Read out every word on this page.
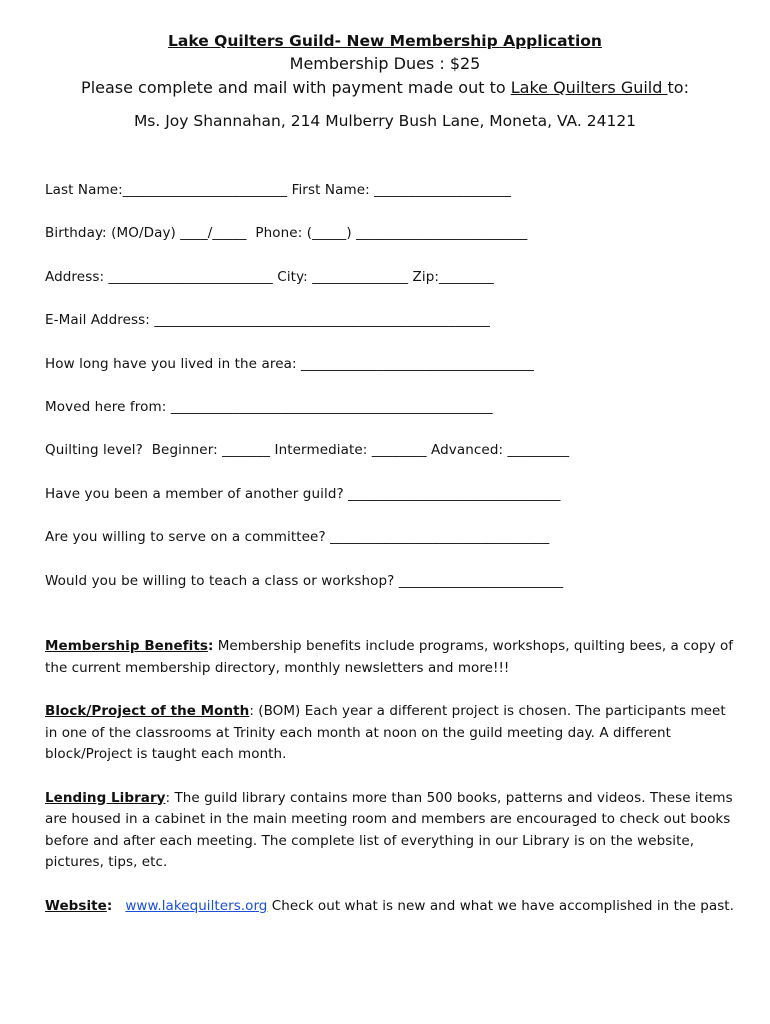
Lake Quilters Guild- New Membership Application
Membership Dues : $25
Please complete and mail with payment made out to Lake Quilters Guild to:
Ms. Joy Shannahan, 214 Mulberry Bush Lane, Moneta, VA. 24121
Last Name:________________________ First Name: ____________________
Birthday: (MO/Day) ____/_____  Phone: (_____) _________________________
Address: ________________________ City: ______________ Zip:________
E-Mail Address: _________________________________________________
How long have you lived in the area: __________________________________
Moved here from: _______________________________________________
Quilting level?  Beginner: _______ Intermediate: ________ Advanced: _________
Have you been a member of another guild? _______________________________
Are you willing to serve on a committee? ________________________________
Would you be willing to teach a class or workshop? ________________________
Membership Benefits: Membership benefits include programs, workshops, quilting bees, a copy of the current membership directory, monthly newsletters and more!!!
Block/Project of the Month: (BOM) Each year a different project is chosen. The participants meet in one of the classrooms at Trinity each month at noon on the guild meeting day. A different block/Project is taught each month.
Lending Library: The guild library contains more than 500 books, patterns and videos. These items are housed in a cabinet in the main meeting room and members are encouraged to check out books before and after each meeting. The complete list of everything in our Library is on the website, pictures, tips, etc.
Website: www.lakequilters.org Check out what is new and what we have accomplished in the past.
